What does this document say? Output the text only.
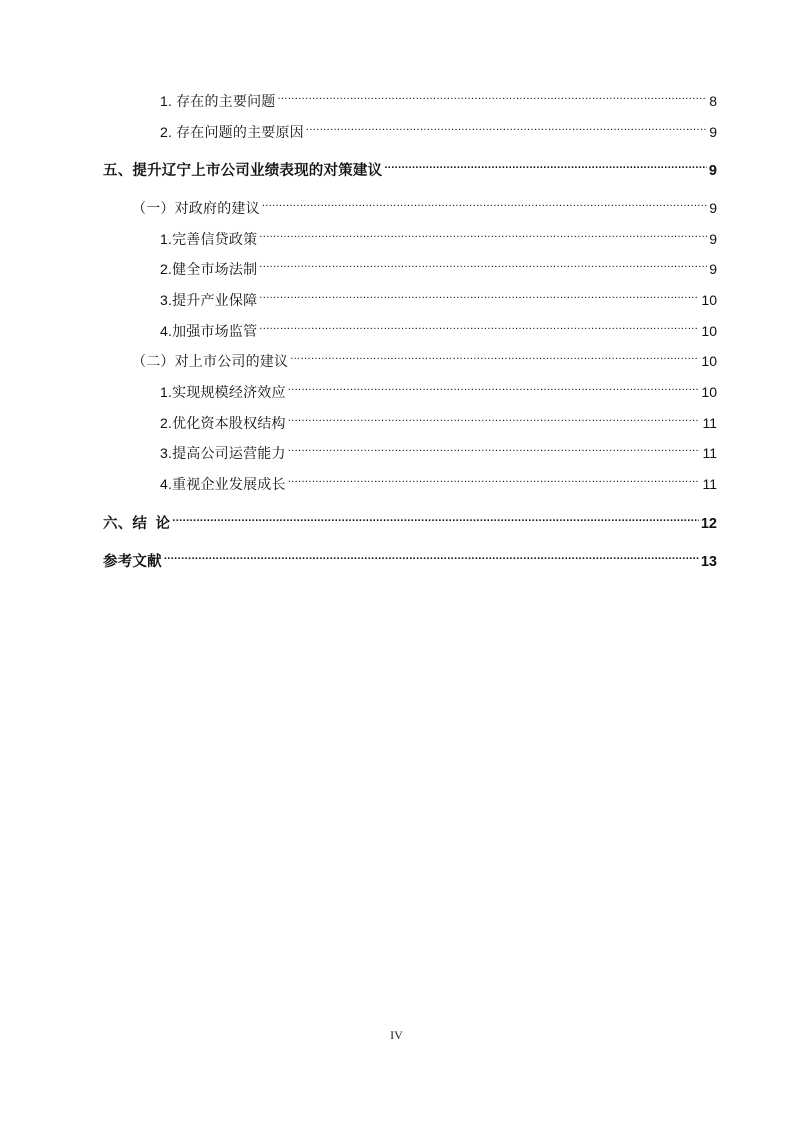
1. 存在的主要问题 .....	8
2. 存在问题的主要原因 .....	9
五、提升辽宁上市公司业绩表现的对策建议 .....	9
（一）对政府的建议 .....	9
1.完善信贷政策 .....	9
2.健全市场法制 .....	9
3.提升产业保障 .....	10
4.加强市场监管 .....	10
（二）对上市公司的建议 .....	10
1.实现规模经济效应 .....	10
2.优化资本股权结构 .....	11
3.提高公司运营能力 .....	11
4.重视企业发展成长 .....	11
六、结  论 .....	12
参考文献 .....	13
IV
